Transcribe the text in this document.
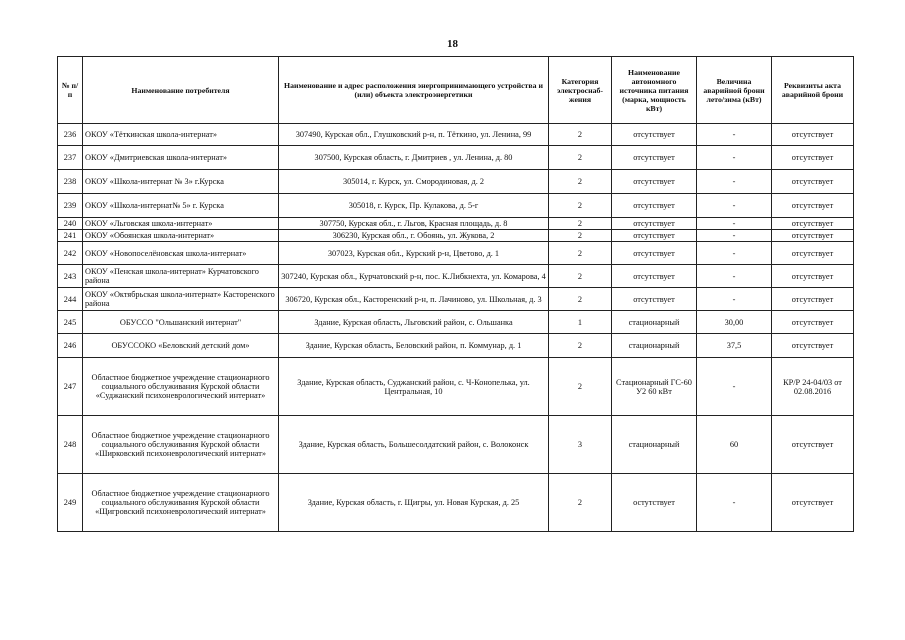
18
№ п/п	Наименование потребителя	Наименование и адрес расположения энергопринимающего устройства и (или) объекта электроэнергетики	Категория электроснаб-жения	Наименование автономного источника питания (марка, мощность кВт)	Величина аварийной брони лето/зима (кВт)	Реквизиты акта аварийной брони
236	ОКОУ «Тёткинская школа-интернат»	307490, Курская обл., Глушковский р-н, п. Тёткино, ул. Ленина, 99	2	отсутствует	-	отсутствует
237	ОКОУ «Дмитриевская школа-интернат»	307500, Курская область, г. Дмитриев , ул. Ленина, д. 80	2	отсутствует	-	отсутствует
238	ОКОУ «Школа-интернат № 3» г.Курска	305014, г. Курск, ул. Смородиновая, д. 2	2	отсутствует	-	отсутствует
239	ОКОУ «Школа-интернат№ 5» г. Курска	305018, г. Курск, Пр. Кулакова, д. 5-г	2	отсутствует	-	отсутствует
240	ОКОУ «Льговская школа-интернат»	307750, Курская обл., г. Льгов, Красная площадь, д. 8	2	отсутствует	-	отсутствует
241	ОКОУ «Обоянская школа-интернат»	306230, Курская обл., г. Обоянь, ул. Жукова, 2	2	отсутствует	-	отсутствует
242	ОКОУ «Новопоселёновская школа-интернат»	307023, Курская обл., Курский р-н, Цветово, д. 1	2	отсутствует	-	отсутствует
243	ОКОУ «Пенская школа-интернат» Курчатовского района	307240, Курская обл., Курчатовский р-н, пос. К.Либкнехта, ул. Комарова, 4	2	отсутствует	-	отсутствует
244	ОКОУ «Октябрьская школа-интернат» Касторенского района	306720, Курская обл., Касторенский р-н, п. Лачиново, ул. Школьная, д. 3	2	отсутствует	-	отсутствует
245	ОБУССО "Ольшанский интернат"	Здание, Курская область, Льговский район, с. Ольшанка	1	стационарный	30,00	отсутствует
246	ОБУССОКО «Беловский детский дом»	Здание, Курская область, Беловский район, п. Коммунар, д. 1	2	стационарный	37,5	отсутствует
247	Областное бюджетное учреждение стационарного социального обслуживания Курской области «Суджанский психоневрологический интернат»	Здание, Курская область, Суджанский район, с. Ч-Конопелька, ул. Центральная, 10	2	Стационарный ГС-60 У2 60 кВт	-	КР/Р 24-04/03 от 02.08.2016
248	Областное бюджетное учреждение стационарного социального обслуживания Курской области «Ширковский психоневрологический интернат»	Здание, Курская область, Большесолдатский район, с. Волоконск	3	стационарный	60	отсутствует
249	Областное бюджетное учреждение стационарного социального обслуживания Курской области «Щигровский психоневрологический интернат»	Здание, Курская область, г. Щигры, ул. Новая Курская, д. 25	2	остутствует	-	отсутствует
